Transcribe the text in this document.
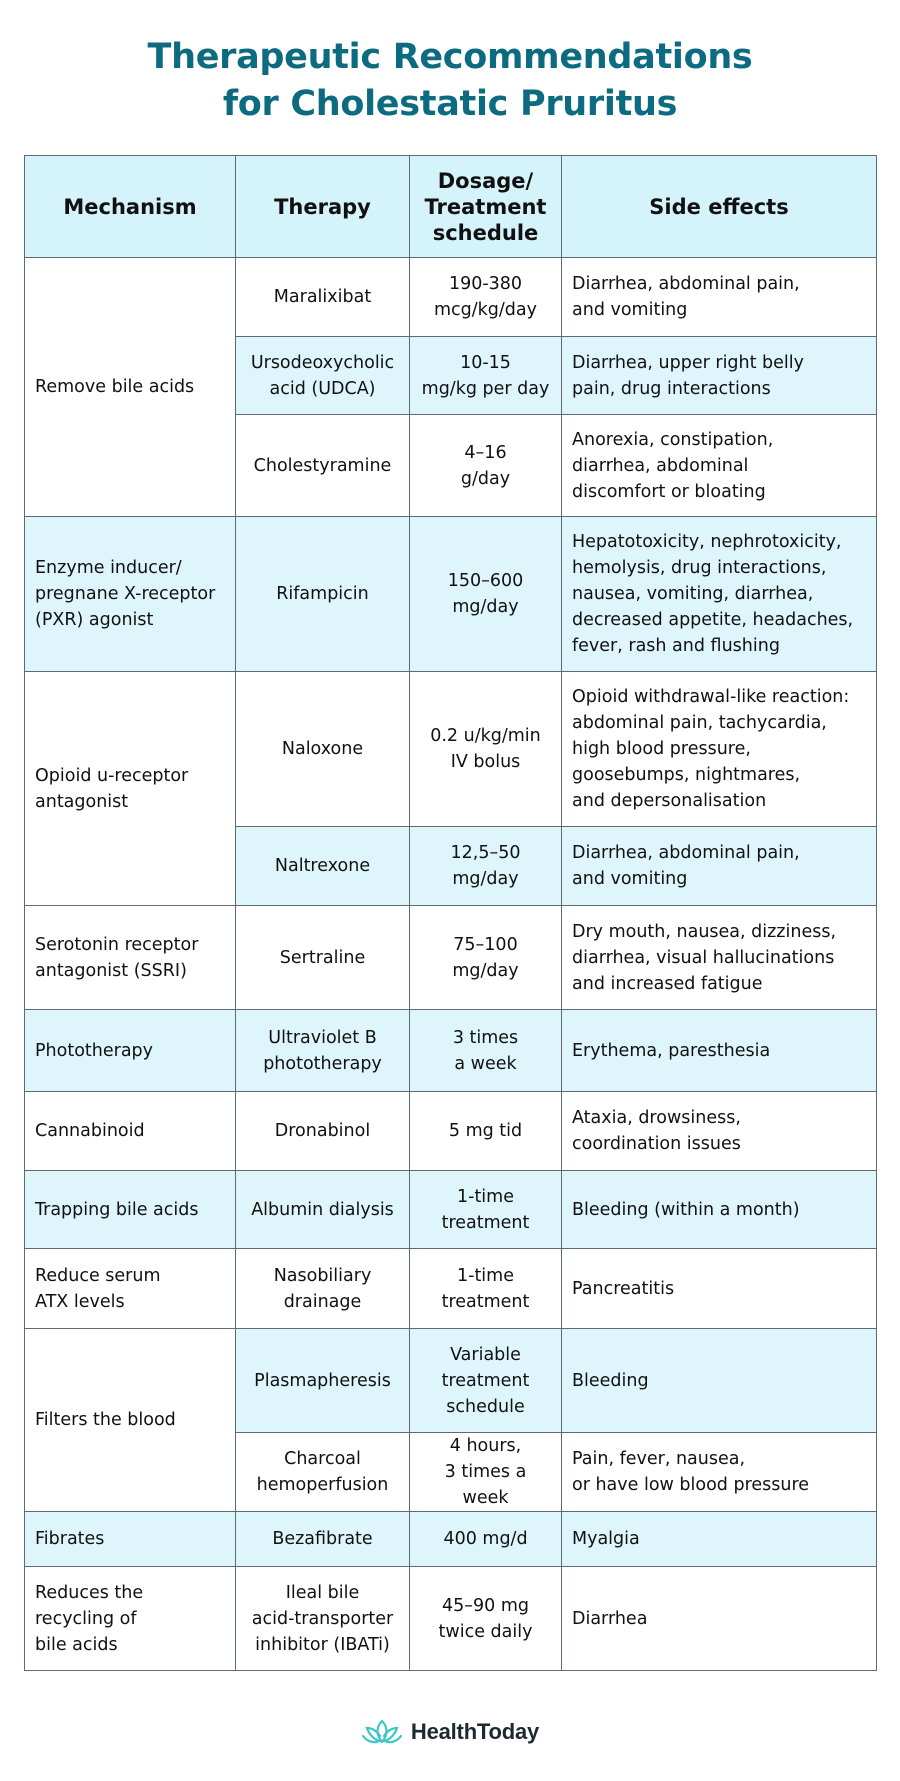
Therapeutic Recommendations
for Cholestatic Pruritus
Mechanism	Therapy	Dosage/
Treatment
schedule	Side effects
Remove bile acids	Maralixibat	190-380
mcg/kg/day	Diarrhea, abdominal pain,
and vomiting
	Ursodeoxycholic
acid (UDCA)	10-15
mg/kg per day	Diarrhea, upper right belly
pain, drug interactions
	Cholestyramine	4–16
g/day	Anorexia, constipation,
diarrhea, abdominal
discomfort or bloating
Enzyme inducer/
pregnane X-receptor
(PXR) agonist	Rifampicin	150–600
mg/day	Hepatotoxicity, nephrotoxicity,
hemolysis, drug interactions,
nausea, vomiting, diarrhea,
decreased appetite, headaches,
fever, rash and flushing
Opioid u-receptor
antagonist	Naloxone	0.2 u/kg/min
IV bolus	Opioid withdrawal-like reaction:
abdominal pain, tachycardia,
high blood pressure,
goosebumps, nightmares,
and depersonalisation
	Naltrexone	12,5–50
mg/day	Diarrhea, abdominal pain,
and vomiting
Serotonin receptor
antagonist (SSRI)	Sertraline	75–100
mg/day	Dry mouth, nausea, dizziness,
diarrhea, visual hallucinations
and increased fatigue
Phototherapy	Ultraviolet B
phototherapy	3 times
a week	Erythema, paresthesia
Cannabinoid	Dronabinol	5 mg tid	Ataxia, drowsiness,
coordination issues
Trapping bile acids	Albumin dialysis	1-time
treatment	Bleeding (within a month)
Reduce serum
ATX levels	Nasobiliary
drainage	1-time
treatment	Pancreatitis
Filters the blood	Plasmapheresis	Variable
treatment
schedule	Bleeding
	Charcoal
hemoperfusion	4 hours,
3 times a week	Pain, fever, nausea,
or have low blood pressure
Fibrates	Bezafibrate	400 mg/d	Myalgia
Reduces the
recycling of
bile acids	Ileal bile
acid-transporter
inhibitor (IBATi)	45–90 mg
twice daily	Diarrhea
HealthToday
